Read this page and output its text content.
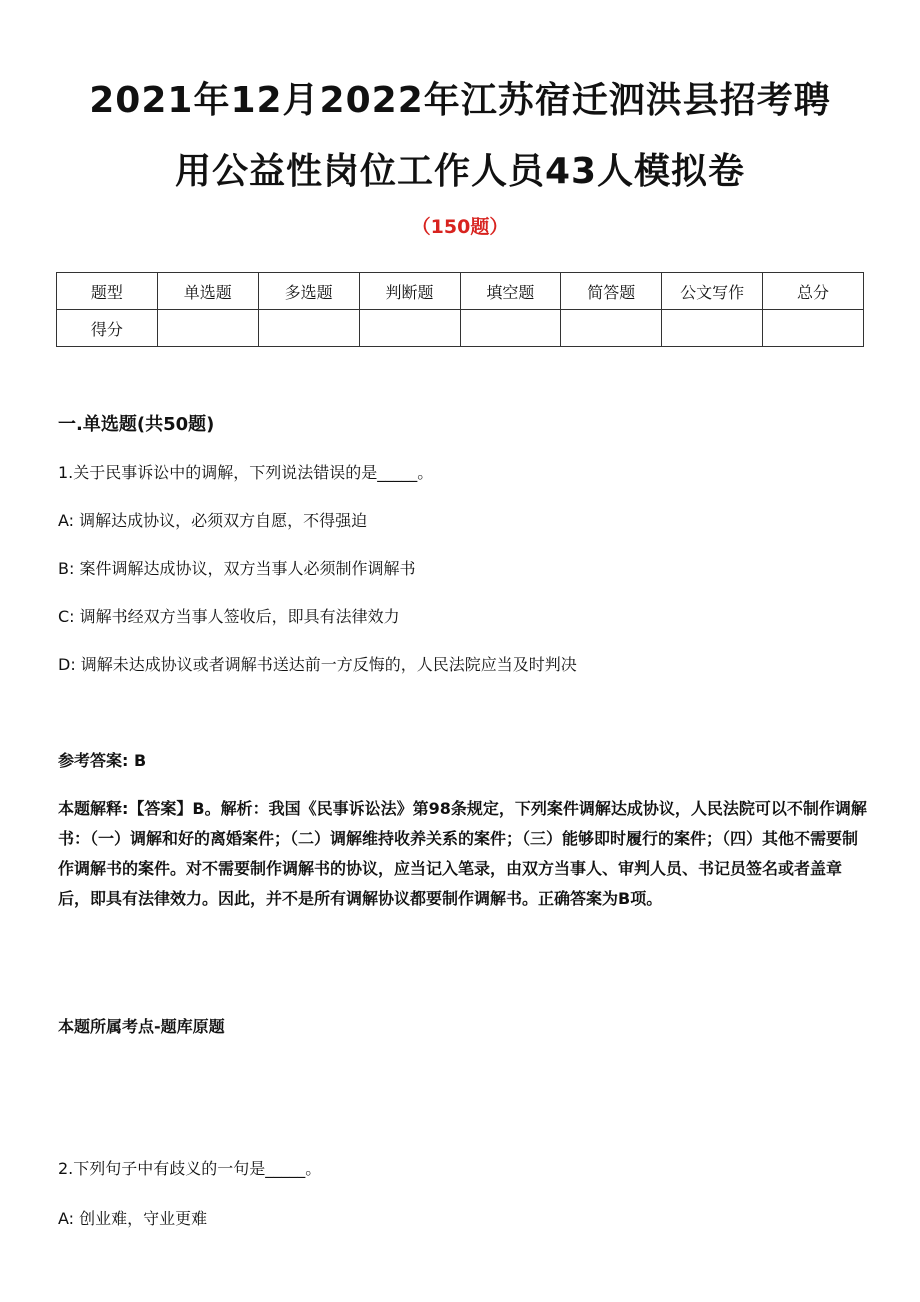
2021年12月2022年江苏宿迁泗洪县招考聘
用公益性岗位工作人员43人模拟卷
（150题）
题型	单选题	多选题	判断题	填空题	简答题	公文写作	总分
得分							
一.单选题(共50题)
1.关于民事诉讼中的调解，下列说法错误的是_____。
A: 调解达成协议，必须双方自愿，不得强迫
B: 案件调解达成协议，双方当事人必须制作调解书
C: 调解书经双方当事人签收后，即具有法律效力
D: 调解未达成协议或者调解书送达前一方反悔的，人民法院应当及时判决
参考答案: B
本题解释:【答案】B。解析：我国《民事诉讼法》第98条规定，下列案件调解达成协议，人民法院可以不制作调解书：（一）调解和好的离婚案件；（二）调解维持收养关系的案件；（三）能够即时履行的案件；（四）其他不需要制作调解书的案件。对不需要制作调解书的协议，应当记入笔录，由双方当事人、审判人员、书记员签名或者盖章后，即具有法律效力。因此，并不是所有调解协议都要制作调解书。正确答案为B项。
本题所属考点-题库原题
2.下列句子中有歧义的一句是_____。
A: 创业难，守业更难
